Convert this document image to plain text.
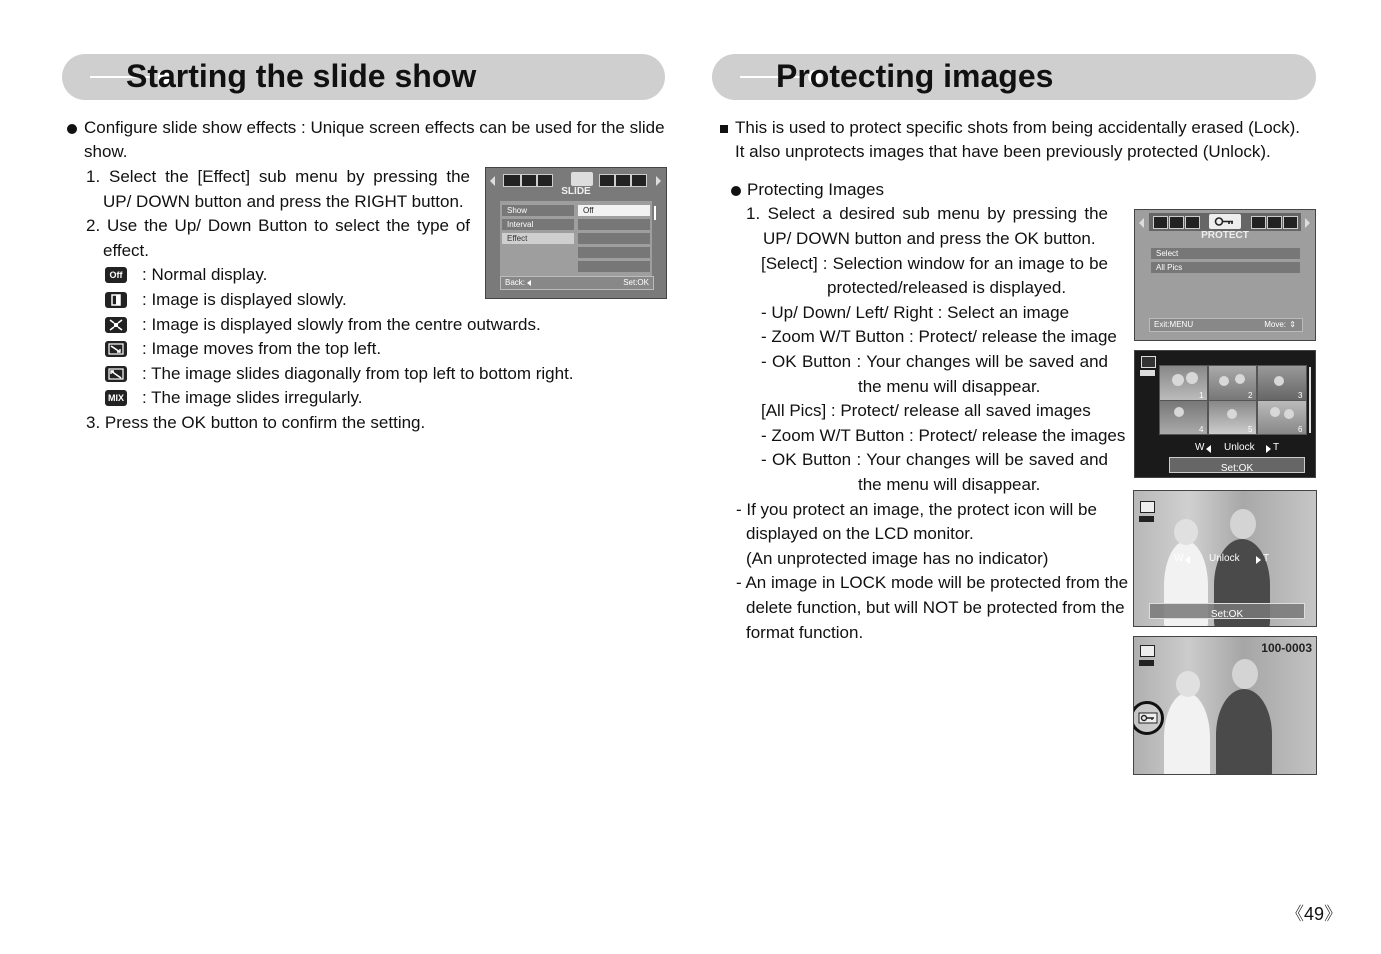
Starting the slide show
Configure slide show effects : Unique screen effects can be used for the slide
show.
1. Select the [Effect] sub menu by pressing the
UP/ DOWN button and press the RIGHT button.
2. Use the Up/ Down Button to select the type of
effect.
Off : Normal display.
: Image is displayed slowly.
: Image is displayed slowly from the centre outwards.
: Image moves from the top left.
: The image slides diagonally from top left to bottom right.
MIX : The image slides irregularly.
3. Press the OK button to confirm the setting.
SLIDE
Show
Interval
Effect
Off
Back:	Set:OK
Protecting images
This is used to protect specific shots from being accidentally erased (Lock).
It also unprotects images that have been previously protected (Unlock).
Protecting Images
1. Select a desired sub menu by pressing the
UP/ DOWN button and press the OK button.
[Select] : Selection window for an image to be
protected/released is displayed.
- Up/ Down/ Left/ Right : Select an image
- Zoom W/T Button : Protect/ release the image
- OK Button : Your changes will be saved and
the menu will disappear.
[All Pics] : Protect/ release all saved images
- Zoom W/T Button : Protect/ release the images
- OK Button : Your changes will be saved and
the menu will disappear.
- If you protect an image, the protect icon will be
displayed on the LCD monitor.
(An unprotected image has no indicator)
- An image in LOCK mode will be protected from the
delete function, but will NOT be protected from the
format function.
PROTECT
Select
All Pics
Exit:MENU	Move: ⇕
1	2	3
4	5	6
W Unlock T
Set:OK
W	Unlock T
Set:OK
100-0003
《49》
